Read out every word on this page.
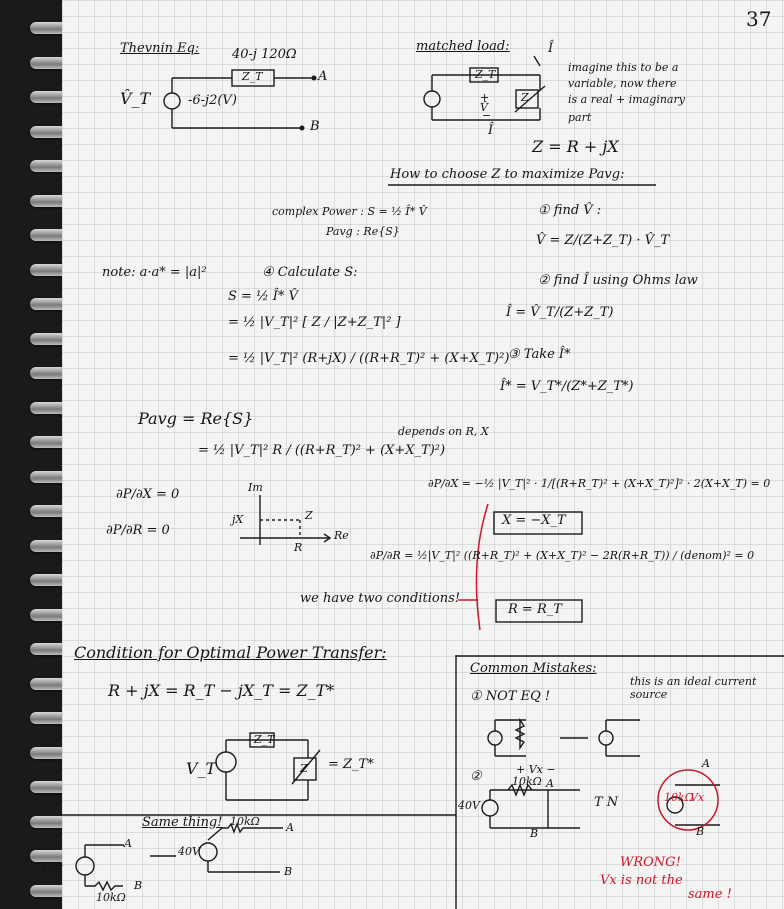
37
Thevnin Eq:	40-j 120Ω
Z_T	A
V̂_T	-6-j2(V)
B
matched load:	Î
Z_T
Z
+
V̂
−
Î
imagine this to be a
variable, now there
is a real + imaginary
part
Z = R + jX
How to choose Z to maximize Pavg:
complex Power : S = ½ Î* V̂
Pavg : Re{S}
① find V̂ :
V̂ = Z/(Z+Z_T) · V̂_T
note: a·a* = |a|²	④ Calculate S:
② find Î using Ohms law
S = ½ Î* V̂
= ½ |V_T|² [ Z / |Z+Z_T|² ]
Î = V̂_T/(Z+Z_T)
= ½ |V_T|² (R+jX) / ((R+R_T)² + (X+X_T)²)
③ Take Î*
Î* = V_T*/(Z*+Z_T*)
Pavg = Re{S}
= ½ |V_T|² R / ((R+R_T)² + (X+X_T)²)
depends on R, X
∂P/∂X = 0
∂P/∂R = 0
Im
Re
jX
R
Z
∂P/∂X = −½ |V_T|² · 1/[(R+R_T)² + (X+X_T)²]² · 2(X+X_T) = 0
X = −X_T
∂P/∂R = ½|V_T|² ((R+R_T)² + (X+X_T)² − 2R(R+R_T)) / (denom)² = 0
R = R_T
we have two conditions!
Condition for Optimal Power Transfer:
R + jX = R_T − jX_T = Z_T*
V_T
Z_T
Z = Z_T*
Common Mistakes:
① NOT EQ !
this is an ideal current source
②	+ Vx −
10kΩ
40V
A
B
T N	10kΩ
Vx
A
B
WRONG!
Vx is not the
same !
Same thing! 10kΩ
40V
40V
A
A
B
B
10kΩ
